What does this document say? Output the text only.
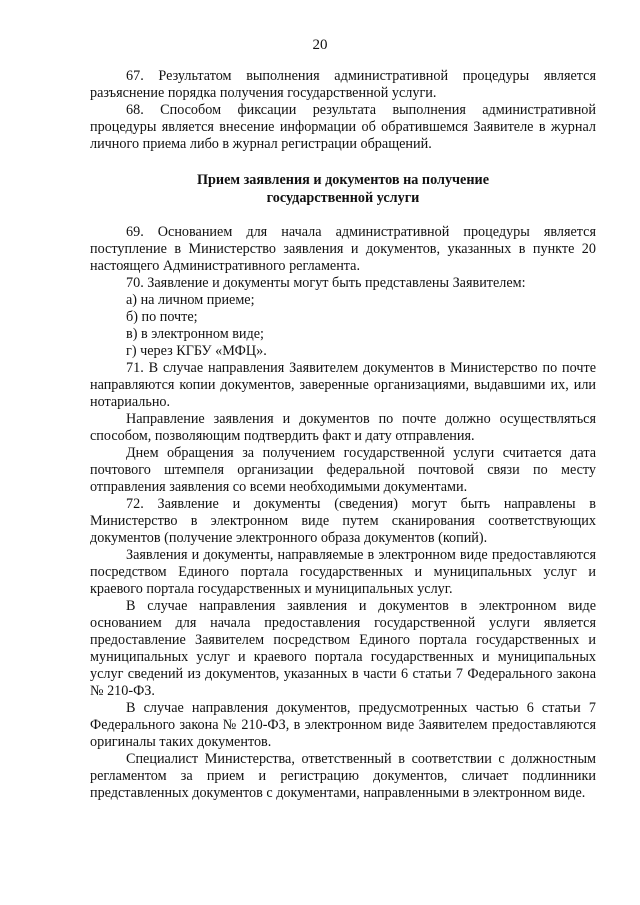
20

67. Результатом выполнения административной процедуры является разъяснение порядка получения государственной услуги.

68. Способом фиксации результата выполнения административной процедуры является внесение информации об обратившемся Заявителе в журнал личного приема либо в журнал регистрации обращений.

Прием заявления и документов на получение
государственной услуги

69. Основанием для начала административной процедуры является поступление в Министерство заявления и документов, указанных в пункте 20 настоящего Административного регламента.

70. Заявление и документы могут быть представлены Заявителем:

а) на личном приеме;

б) по почте;

в) в электронном виде;

г) через КГБУ «МФЦ».

71. В случае направления Заявителем документов в Министерство по почте направляются копии документов, заверенные организациями, выдавшими их, или нотариально.

Направление заявления и документов по почте должно осуществляться способом, позволяющим подтвердить факт и дату отправления.

Днем обращения за получением государственной услуги считается дата почтового штемпеля организации федеральной почтовой связи по месту отправления заявления со всеми необходимыми документами.

72. Заявление и документы (сведения) могут быть направлены в Министерство в электронном виде путем сканирования соответствующих документов (получение электронного образа документов (копий).

Заявления и документы, направляемые в электронном виде предоставляются посредством Единого портала государственных и муниципальных услуг и краевого портала государственных и муниципальных услуг.

В случае направления заявления и документов в электронном виде основанием для начала предоставления государственной услуги является предоставление Заявителем посредством Единого портала государственных и муниципальных услуг и краевого портала государственных и муниципальных услуг сведений из документов, указанных в части 6 статьи 7 Федерального закона № 210-ФЗ.

В случае направления документов, предусмотренных частью 6 статьи 7 Федерального закона № 210-ФЗ, в электронном виде Заявителем предоставляются оригиналы таких документов.

Специалист Министерства, ответственный в соответствии с должностным регламентом за прием и регистрацию документов, сличает подлинники представленных документов с документами, направленными в электронном виде.
